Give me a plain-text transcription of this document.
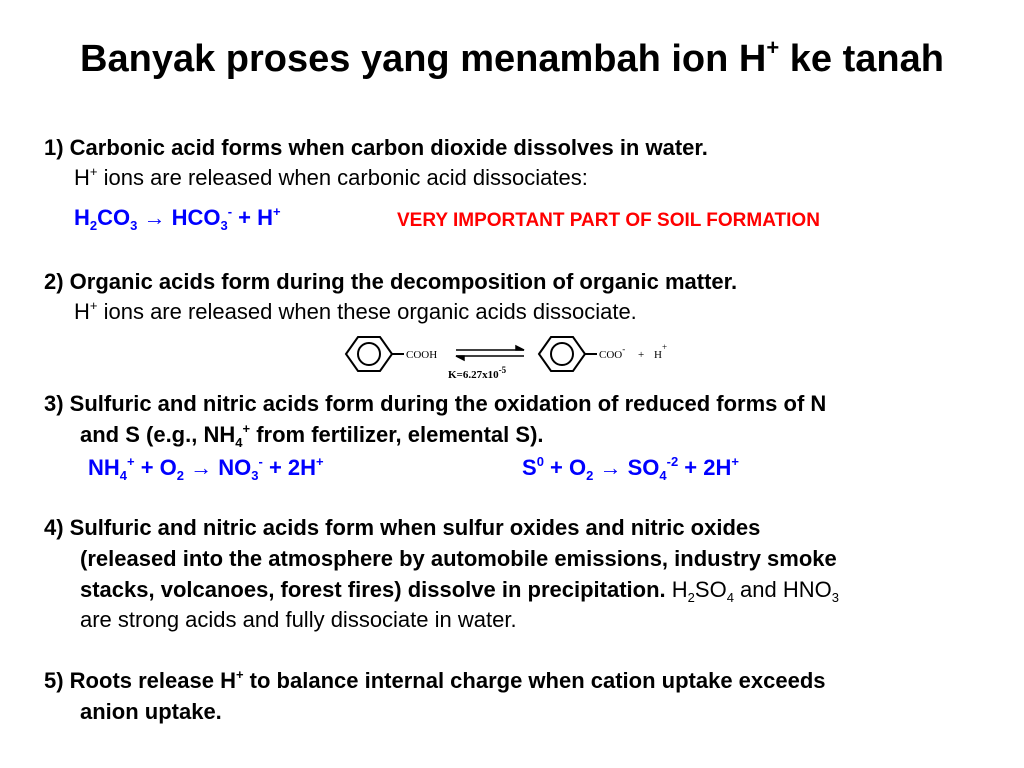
Banyak proses yang menambah ion H+ ke tanah
1) Carbonic acid forms when carbon dioxide dissolves in water.
H+ ions are released when carbonic acid dissociates:
$H_2CO_3 \to HCO_3^- + H^+$	VERY IMPORTANT PART OF SOIL FORMATION
2) Organic acids form during the decomposition of organic matter.
H+ ions are released when these organic acids dissociate.
COOH
$K=6.27x10^{-5}$
COO- + H+
3) Sulfuric and nitric acids form during the oxidation of reduced forms of N
and S (e.g., $NH_4^+$ from fertilizer, elemental S).
$NH_4^+ + O_2 \to NO_3^- + 2H^+$	$S^0 + O_2 \to SO_4^{-2} + 2H^+$
4) Sulfuric and nitric acids form when sulfur oxides and nitric oxides
(released into the atmosphere by automobile emissions, industry smoke
stacks, volcanoes, forest fires) dissolve in precipitation. $H_2SO_4$ and $HNO_3$
are strong acids and fully dissociate in water.
5) Roots release H+ to balance internal charge when cation uptake exceeds
anion uptake.
